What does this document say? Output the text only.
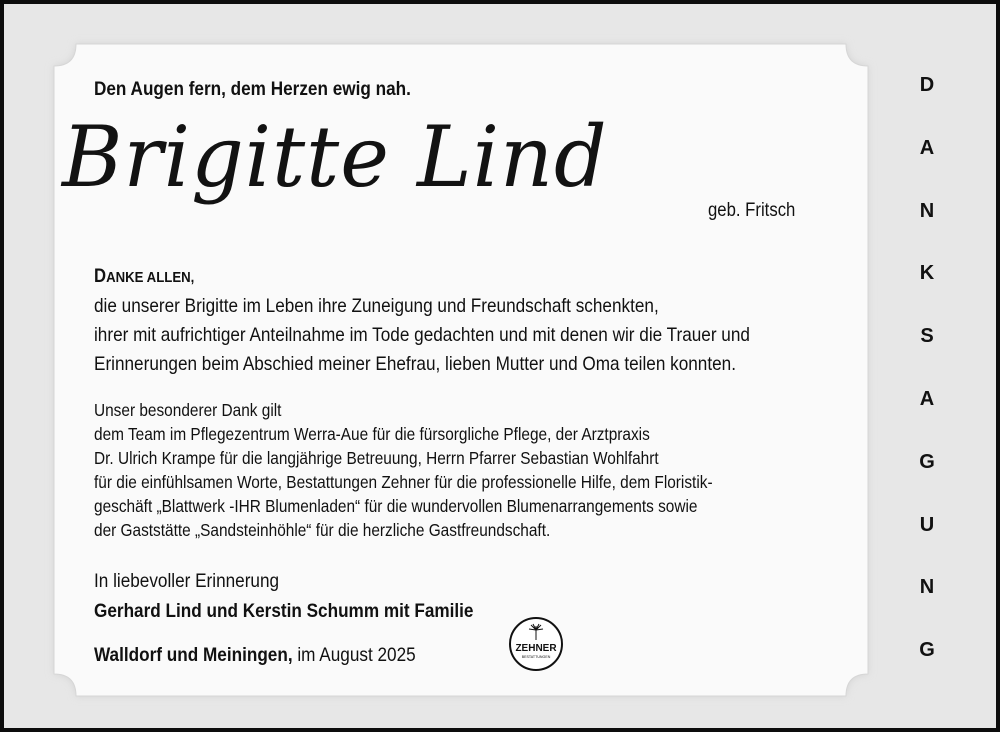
Den Augen fern, dem Herzen ewig nah.
Brigitte Lind
geb. Fritsch
DANKE ALLEN,
die unserer Brigitte im Leben ihre Zuneigung und Freundschaft schenkten,
ihrer mit aufrichtiger Anteilnahme im Tode gedachten und mit denen wir die Trauer und
Erinnerungen beim Abschied meiner Ehefrau, lieben Mutter und Oma teilen konnten.
Unser besonderer Dank gilt
dem Team im Pflegezentrum Werra-Aue für die fürsorgliche Pflege, der Arztpraxis
Dr. Ulrich Krampe für die langjährige Betreuung, Herrn Pfarrer Sebastian Wohlfahrt
für die einfühlsamen Worte, Bestattungen Zehner für die professionelle Hilfe, dem Floristik-
geschäft „Blattwerk -IHR Blumenladen“ für die wundervollen Blumenarrangements sowie
der Gaststätte „Sandsteinhöhle“ für die herzliche Gastfreundschaft.
In liebevoller Erinnerung
Gerhard Lind und Kerstin Schumm mit Familie
Walldorf und Meiningen, im August 2025	ZEHNER
BESTATTUNGEN
D
A
N
K
S
A
G
U
N
G
